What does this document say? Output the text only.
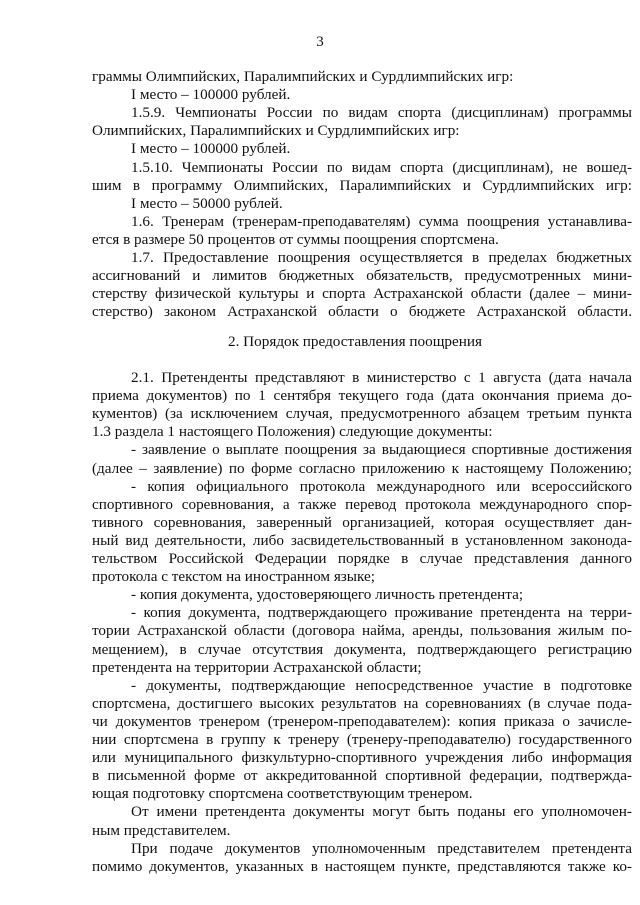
3
граммы Олимпийских, Паралимпийских и Сурдлимпийских игр:
I место – 100000 рублей.
1.5.9. Чемпионаты России по видам спорта (дисциплинам) программы
Олимпийских, Паралимпийских и Сурдлимпийских игр:
I место – 100000 рублей.
1.5.10. Чемпионаты России по видам спорта (дисциплинам), не вошед-
шим в программу Олимпийских, Паралимпийских и Сурдлимпийских игр:
I место – 50000 рублей.
1.6. Тренерам (тренерам-преподавателям) сумма поощрения устанавлива-
ется в размере 50 процентов от суммы поощрения спортсмена.
1.7. Предоставление поощрения осуществляется в пределах бюджетных
ассигнований и лимитов бюджетных обязательств, предусмотренных мини-
стерству физической культуры и спорта Астраханской области (далее – мини-
стерство) законом Астраханской области о бюджете Астраханской области.
2. Порядок предоставления поощрения
2.1. Претенденты представляют в министерство с 1 августа (дата начала
приема документов) по 1 сентября текущего года (дата окончания приема до-
кументов) (за исключением случая, предусмотренного абзацем третьим пункта
1.3 раздела 1 настоящего Положения) следующие документы:
- заявление о выплате поощрения за выдающиеся спортивные достижения
(далее – заявление) по форме согласно приложению к настоящему Положению;
- копия официального протокола международного или всероссийского
спортивного соревнования, а также перевод протокола международного спор-
тивного соревнования, заверенный организацией, которая осуществляет дан-
ный вид деятельности, либо засвидетельствованный в установленном законода-
тельством Российской Федерации порядке в случае представления данного
протокола с текстом на иностранном языке;
- копия документа, удостоверяющего личность претендента;
- копия документа, подтверждающего проживание претендента на терри-
тории Астраханской области (договора найма, аренды, пользования жилым по-
мещением), в случае отсутствия документа, подтверждающего регистрацию
претендента на территории Астраханской области;
- документы, подтверждающие непосредственное участие в подготовке
спортсмена, достигшего высоких результатов на соревнованиях (в случае пода-
чи документов тренером (тренером-преподавателем): копия приказа о зачисле-
нии спортсмена в группу к тренеру (тренеру-преподавателю) государственного
или муниципального физкультурно-спортивного учреждения либо информация
в письменной форме от аккредитованной спортивной федерации, подтвержда-
ющая подготовку спортсмена соответствующим тренером.
От имени претендента документы могут быть поданы его уполномочен-
ным представителем.
При подаче документов уполномоченным представителем претендента
помимо документов, указанных в настоящем пункте, представляются также ко-
